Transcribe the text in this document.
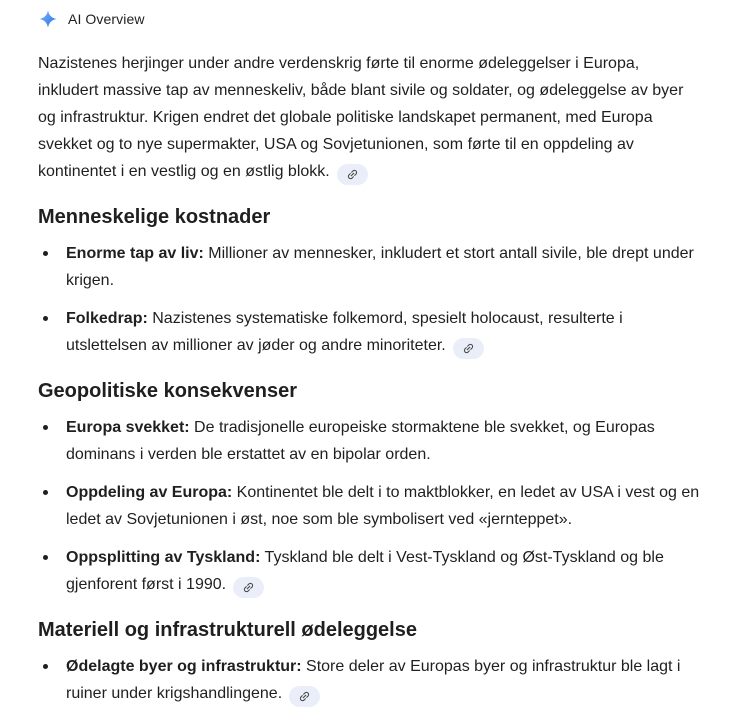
AI Overview

Nazistenes herjinger under andre verdenskrig førte til enorme ødeleggelser i Europa, inkludert massive tap av menneskeliv, både blant sivile og soldater, og ødeleggelse av byer og infrastruktur. Krigen endret det globale politiske landskapet permanent, med Europa svekket og to nye supermakter, USA og Sovjetunionen, som førte til en oppdeling av kontinentet i en vestlig og en østlig blokk.

Menneskelige kostnader
Enorme tap av liv: Millioner av mennesker, inkludert et stort antall sivile, ble drept under krigen.
Folkedrap: Nazistenes systematiske folkemord, spesielt holocaust, resulterte i utslettelsen av millioner av jøder og andre minoriteter.
Geopolitiske konsekvenser
Europa svekket: De tradisjonelle europeiske stormaktene ble svekket, og Europas dominans i verden ble erstattet av en bipolar orden.
Oppdeling av Europa: Kontinentet ble delt i to maktblokker, en ledet av USA i vest og en ledet av Sovjetunionen i øst, noe som ble symbolisert ved «jernteppet».
Oppsplitting av Tyskland: Tyskland ble delt i Vest-Tyskland og Øst-Tyskland og ble gjenforent først i 1990.
Materiell og infrastrukturell ødeleggelse
Ødelagte byer og infrastruktur: Store deler av Europas byer og infrastruktur ble lagt i ruiner under krigshandlingene.
